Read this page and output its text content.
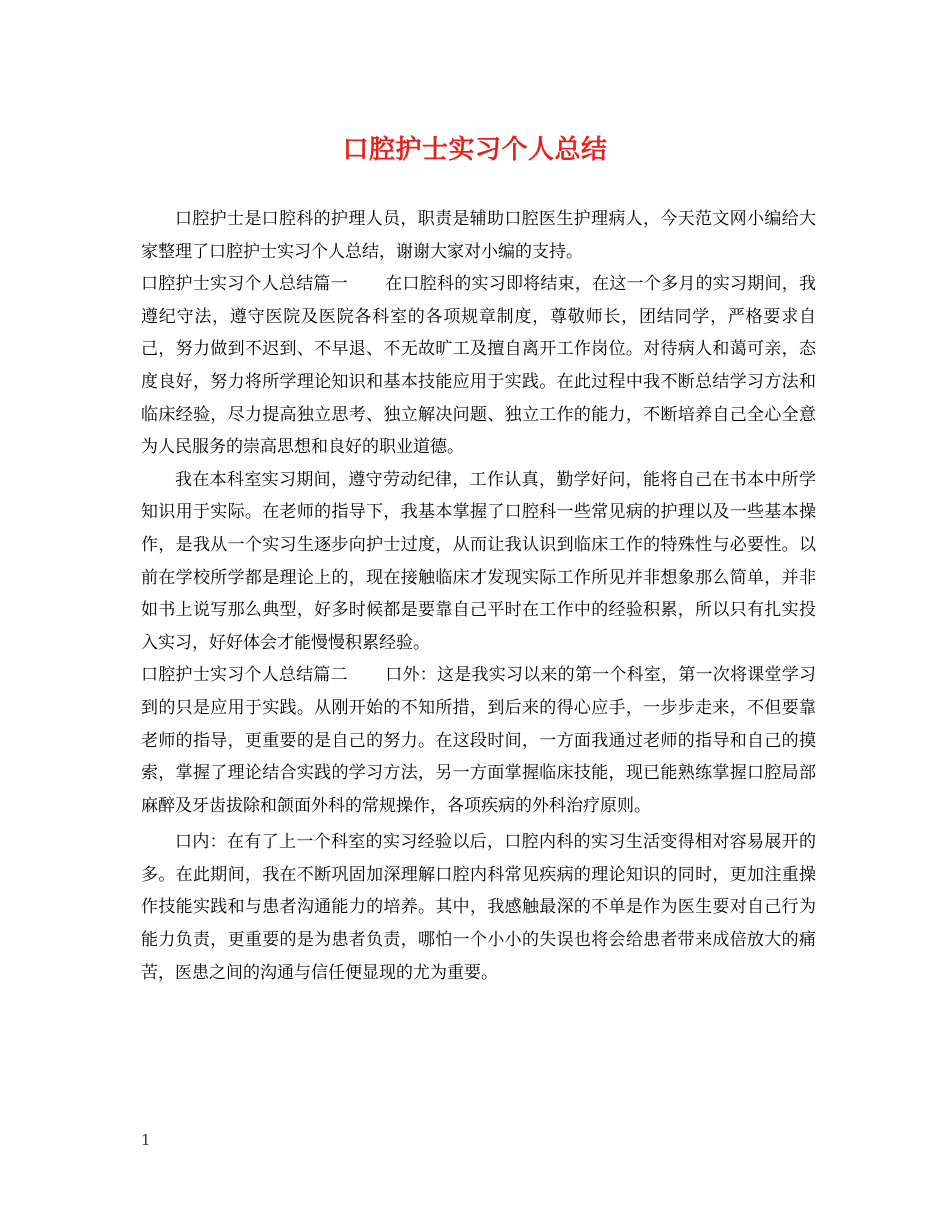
口腔护士实习个人总结

口腔护士是口腔科的护理人员，职责是辅助口腔医生护理病人，今天范文网小编给大家整理了口腔护士实习个人总结，谢谢大家对小编的支持。

口腔护士实习个人总结篇一 在口腔科的实习即将结束，在这一个多月的实习期间，我遵纪守法，遵守医院及医院各科室的各项规章制度，尊敬师长，团结同学，严格要求自己，努力做到不迟到、不早退、不无故旷工及擅自离开工作岗位。对待病人和蔼可亲，态度良好，努力将所学理论知识和基本技能应用于实践。在此过程中我不断总结学习方法和临床经验，尽力提高独立思考、独立解决问题、独立工作的能力，不断培养自己全心全意为人民服务的崇高思想和良好的职业道德。

我在本科室实习期间，遵守劳动纪律，工作认真，勤学好问，能将自己在书本中所学知识用于实际。在老师的指导下，我基本掌握了口腔科一些常见病的护理以及一些基本操作，是我从一个实习生逐步向护士过度，从而让我认识到临床工作的特殊性与必要性。以前在学校所学都是理论上的，现在接触临床才发现实际工作所见并非想象那么简单，并非如书上说写那么典型，好多时候都是要靠自己平时在工作中的经验积累，所以只有扎实投入实习，好好体会才能慢慢积累经验。

口腔护士实习个人总结篇二 口外：这是我实习以来的第一个科室，第一次将课堂学习到的只是应用于实践。从刚开始的不知所措，到后来的得心应手，一步步走来，不但要靠老师的指导，更重要的是自己的努力。在这段时间，一方面我通过老师的指导和自己的摸索，掌握了理论结合实践的学习方法，另一方面掌握临床技能，现已能熟练掌握口腔局部麻醉及牙齿拔除和颌面外科的常规操作，各项疾病的外科治疗原则。

口内：在有了上一个科室的实习经验以后，口腔内科的实习生活变得相对容易展开的多。在此期间，我在不断巩固加深理解口腔内科常见疾病的理论知识的同时，更加注重操作技能实践和与患者沟通能力的培养。其中，我感触最深的不单是作为医生要对自己行为能力负责，更重要的是为患者负责，哪怕一个小小的失误也将会给患者带来成倍放大的痛苦，医患之间的沟通与信任便显现的尤为重要。

1
